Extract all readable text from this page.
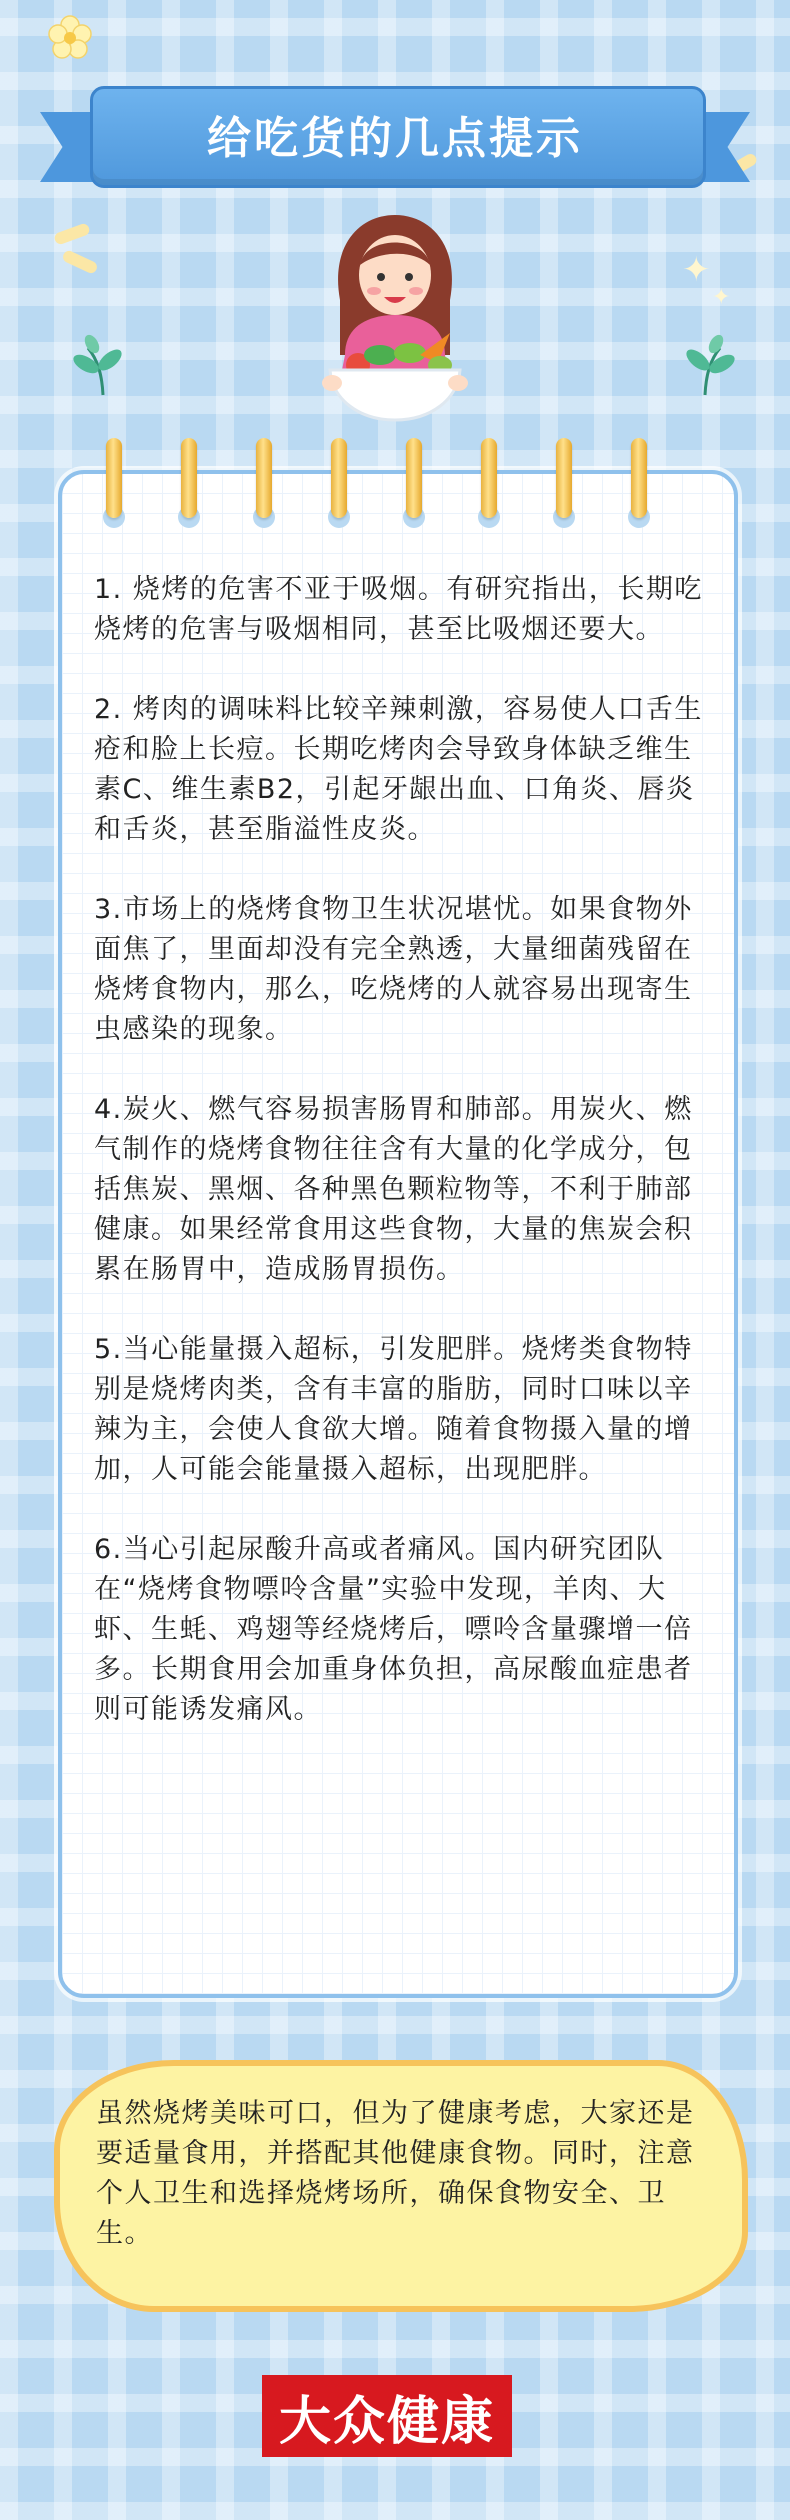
✦
✦
给吃货的几点提示

1. 烧烤的危害不亚于吸烟。有研究指出，长期吃烧烤的危害与吸烟相同，甚至比吸烟还要大。

2. 烤肉的调味料比较辛辣刺激，容易使人口舌生疮和脸上长痘。长期吃烤肉会导致身体缺乏维生素C、维生素B2，引起牙龈出血、口角炎、唇炎和舌炎，甚至脂溢性皮炎。

3.市场上的烧烤食物卫生状况堪忧。如果食物外面焦了，里面却没有完全熟透，大量细菌残留在烧烤食物内，那么，吃烧烤的人就容易出现寄生虫感染的现象。

4.炭火、燃气容易损害肠胃和肺部。用炭火、燃气制作的烧烤食物往往含有大量的化学成分，包括焦炭、黑烟、各种黑色颗粒物等，不利于肺部健康。如果经常食用这些食物，大量的焦炭会积累在肠胃中，造成肠胃损伤。

5.当心能量摄入超标，引发肥胖。烧烤类食物特别是烧烤肉类，含有丰富的脂肪，同时口味以辛辣为主，会使人食欲大增。随着食物摄入量的增加，人可能会能量摄入超标，出现肥胖。

6.当心引起尿酸升高或者痛风。国内研究团队在“烧烤食物嘌呤含量”实验中发现，羊肉、大虾、生蚝、鸡翅等经烧烤后，嘌呤含量骤增一倍多。长期食用会加重身体负担，高尿酸血症患者则可能诱发痛风。

虽然烧烤美味可口，但为了健康考虑，大家还是要适量食用，并搭配其他健康食物。同时，注意个人卫生和选择烧烤场所，确保食物安全、卫生。
大众健康
